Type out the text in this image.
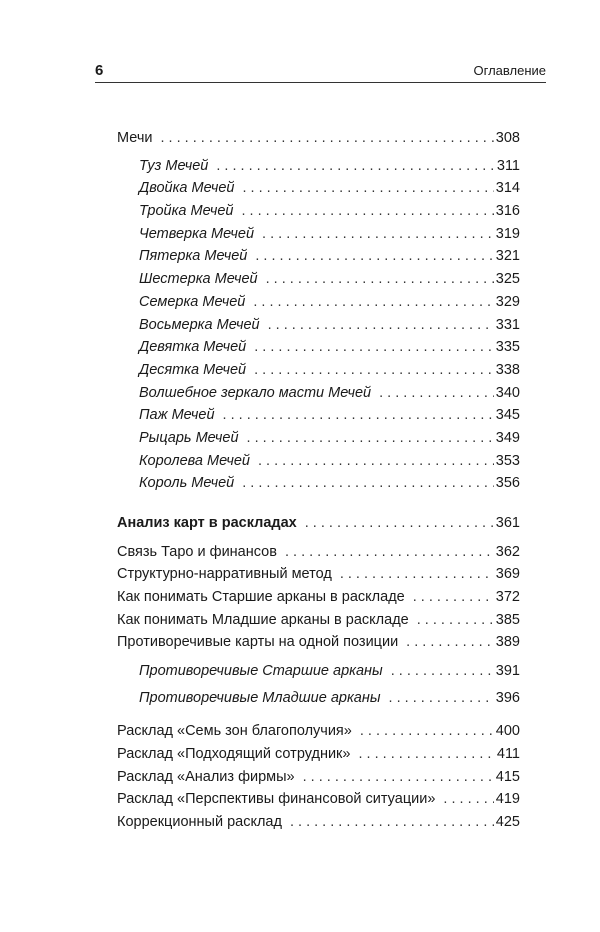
6	Оглавление
Мечи . . .	308
Туз Мечей . . .	311
Двойка Мечей . . .	314
Тройка Мечей . . .	316
Четверка Мечей . . .	319
Пятерка Мечей . . .	321
Шестерка Мечей . . .	325
Семерка Мечей . . .	329
Восьмерка Мечей . . .	331
Девятка Мечей . . .	335
Десятка Мечей . . .	338
Волшебное зеркало масти Мечей . . .	340
Паж Мечей . . .	345
Рыцарь Мечей . . .	349
Королева Мечей . . .	353
Король Мечей . . .	356
Анализ карт в раскладах . . .	361
Связь Таро и финансов . . .	362
Структурно-нарративный метод . . .	369
Как понимать Старшие арканы в раскладе . . .	372
Как понимать Младшие арканы в раскладе . . .	385
Противоречивые карты на одной позиции . . .	389
Противоречивые Старшие арканы . . .	391
Противоречивые Младшие арканы . . .	396
Расклад «Семь зон благополучия» . . .	400
Расклад «Подходящий сотрудник» . . .	411
Расклад «Анализ фирмы» . . .	415
Расклад «Перспективы финансовой ситуации» . . .	419
Коррекционный расклад . . .	425
